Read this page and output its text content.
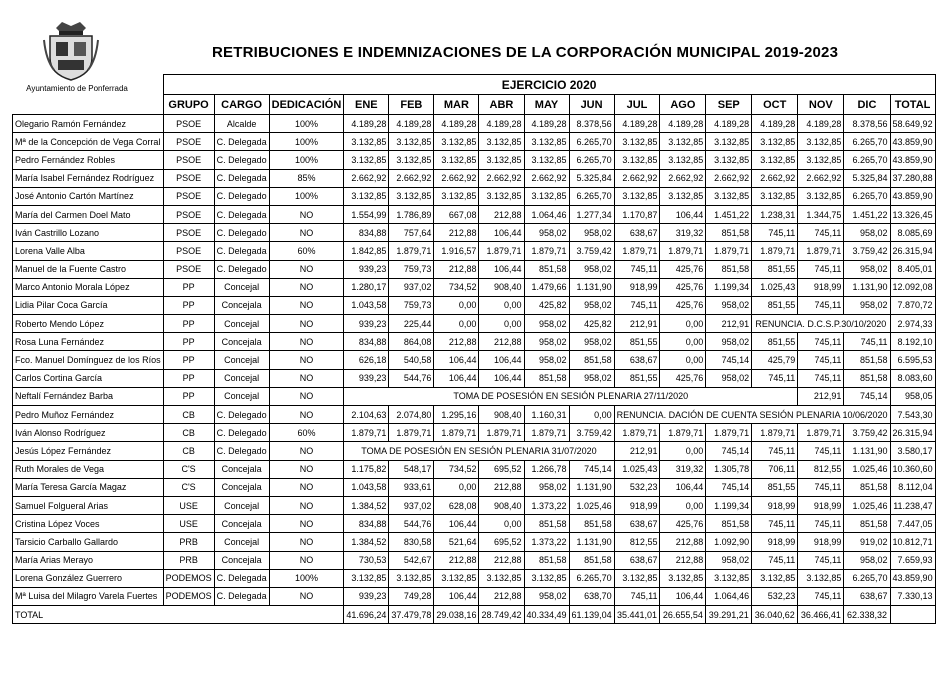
Ayuntamiento de Ponferrada
RETRIBUCIONES E INDEMNIZACIONES DE LA CORPORACIÓN MUNICIPAL 2019-2023
	EJERCICIO 2020															
	GRUPO	CARGO	DEDICACIÓN	ENE	FEB	MAR	ABR	MAY	JUN	JUL	AGO	SEP	OCT	NOV	DIC	TOTAL
Olegario Ramón Fernández	PSOE	Alcalde	100%	4.189,28	4.189,28	4.189,28	4.189,28	4.189,28	8.378,56	4.189,28	4.189,28	4.189,28	4.189,28	4.189,28	8.378,56	58.649,92
Mª de la Concepción de Vega Corral	PSOE	C. Delegada	100%	3.132,85	3.132,85	3.132,85	3.132,85	3.132,85	6.265,70	3.132,85	3.132,85	3.132,85	3.132,85	3.132,85	6.265,70	43.859,90
Pedro Fernández Robles	PSOE	C. Delegado	100%	3.132,85	3.132,85	3.132,85	3.132,85	3.132,85	6.265,70	3.132,85	3.132,85	3.132,85	3.132,85	3.132,85	6.265,70	43.859,90
María Isabel Fernández Rodríguez	PSOE	C. Delegada	85%	2.662,92	2.662,92	2.662,92	2.662,92	2.662,92	5.325,84	2.662,92	2.662,92	2.662,92	2.662,92	2.662,92	5.325,84	37.280,88
José Antonio Cartón Martínez	PSOE	C. Delegado	100%	3.132,85	3.132,85	3.132,85	3.132,85	3.132,85	6.265,70	3.132,85	3.132,85	3.132,85	3.132,85	3.132,85	6.265,70	43.859,90
María del Carmen Doel Mato	PSOE	C. Delegada	NO	1.554,99	1.786,89	667,08	212,88	1.064,46	1.277,34	1.170,87	106,44	1.451,22	1.238,31	1.344,75	1.451,22	13.326,45
Iván Castrillo Lozano	PSOE	C. Delegado	NO	834,88	757,64	212,88	106,44	958,02	958,02	638,67	319,32	851,58	745,11	745,11	958,02	8.085,69
Lorena Valle Alba	PSOE	C. Delegada	60%	1.842,85	1.879,71	1.916,57	1.879,71	1.879,71	3.759,42	1.879,71	1.879,71	1.879,71	1.879,71	1.879,71	3.759,42	26.315,94
Manuel de la Fuente Castro	PSOE	C. Delegado	NO	939,23	759,73	212,88	106,44	851,58	958,02	745,11	425,76	851,58	851,55	745,11	958,02	8.405,01
Marco Antonio Morala López	PP	Concejal	NO	1.280,17	937,02	734,52	908,40	1.479,66	1.131,90	918,99	425,76	1.199,34	1.025,43	918,99	1.131,90	12.092,08
Lidia Pilar Coca García	PP	Concejala	NO	1.043,58	759,73	0,00	0,00	425,82	958,02	745,11	425,76	958,02	851,55	745,11	958,02	7.870,72
Roberto Mendo López	PP	Concejal	NO	939,23	225,44	0,00	0,00	958,02	425,82	212,91	0,00	212,91	RENUNCIA. D.C.S.P.30/10/2020			2.974,33
Rosa Luna Fernández	PP	Concejala	NO	834,88	864,08	212,88	212,88	958,02	958,02	851,55	0,00	958,02	851,55	745,11	745,11	8.192,10
Fco. Manuel Domínguez de los Ríos	PP	Concejal	NO	626,18	540,58	106,44	106,44	958,02	851,58	638,67	0,00	745,14	425,79	745,11	851,58	6.595,53
Carlos Cortina García	PP	Concejal	NO	939,23	544,76	106,44	106,44	851,58	958,02	851,55	425,76	958,02	745,11	745,11	851,58	8.083,60
Neftalí Fernández Barba	PP	Concejal	NO	TOMA DE POSESIÓN EN SESIÓN PLENARIA 27/11/2020										212,91	745,14	958,05
Pedro Muñoz Fernández	CB	C. Delegado	NO	2.104,63	2.074,80	1.295,16	908,40	1.160,31	0,00	RENUNCIA. DACIÓN DE CUENTA SESIÓN PLENARIA 10/06/2020						7.543,30
Iván Alonso Rodríguez	CB	C. Delegado	60%	1.879,71	1.879,71	1.879,71	1.879,71	1.879,71	3.759,42	1.879,71	1.879,71	1.879,71	1.879,71	1.879,71	3.759,42	26.315,94
Jesús López Fernández	CB	C. Delegado	NO	TOMA DE POSESIÓN EN SESIÓN PLENARIA 31/07/2020						212,91	0,00	745,14	745,11	745,11	1.131,90	3.580,17
Ruth Morales de Vega	C'S	Concejala	NO	1.175,82	548,17	734,52	695,52	1.266,78	745,14	1.025,43	319,32	1.305,78	706,11	812,55	1.025,46	10.360,60
María Teresa García Magaz	C'S	Concejala	NO	1.043,58	933,61	0,00	212,88	958,02	1.131,90	532,23	106,44	745,14	851,55	745,11	851,58	8.112,04
Samuel Folgueral Arias	USE	Concejal	NO	1.384,52	937,02	628,08	908,40	1.373,22	1.025,46	918,99	0,00	1.199,34	918,99	918,99	1.025,46	11.238,47
Cristina López Voces	USE	Concejala	NO	834,88	544,76	106,44	0,00	851,58	851,58	638,67	425,76	851,58	745,11	745,11	851,58	7.447,05
Tarsicio Carballo Gallardo	PRB	Concejal	NO	1.384,52	830,58	521,64	695,52	1.373,22	1.131,90	812,55	212,88	1.092,90	918,99	918,99	919,02	10.812,71
María Arias Merayo	PRB	Concejala	NO	730,53	542,67	212,88	212,88	851,58	851,58	638,67	212,88	958,02	745,11	745,11	958,02	7.659,93
Lorena González Guerrero	PODEMOS	C. Delegada	100%	3.132,85	3.132,85	3.132,85	3.132,85	3.132,85	6.265,70	3.132,85	3.132,85	3.132,85	3.132,85	3.132,85	6.265,70	43.859,90
Mª Luisa del Milagro Varela Fuertes	PODEMOS	C. Delegada	NO	939,23	749,28	106,44	212,88	958,02	638,70	745,11	106,44	1.064,46	532,23	745,11	638,67	7.330,13
TOTAL				41.696,24	37.479,78	29.038,16	28.749,42	40.334,49	61.139,04	35.441,01	26.655,54	39.291,21	36.040,62	36.466,41	62.338,32	
